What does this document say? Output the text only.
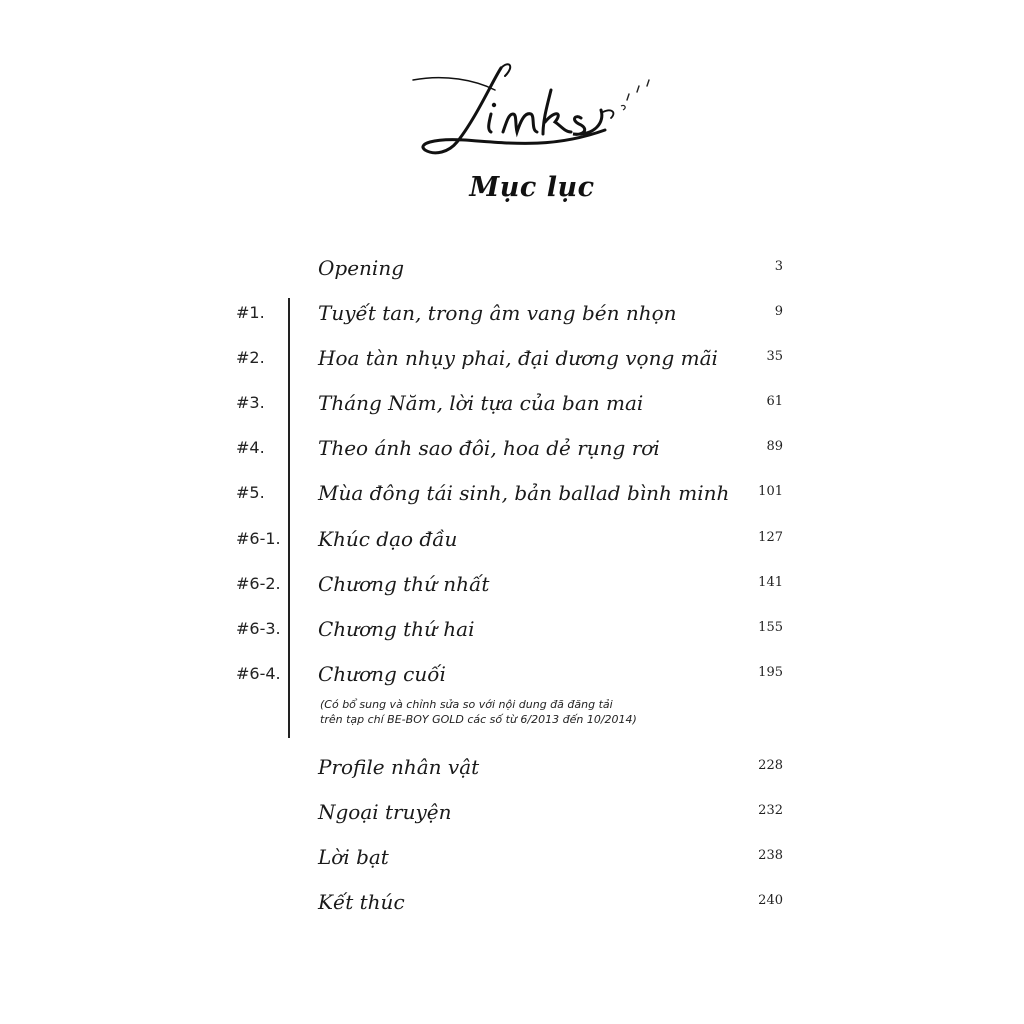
Mục lục
Opening	3
#1.	Tuyết tan, trong âm vang bén nhọn	9
#2.	Hoa tàn nhụy phai, đại dương vọng mãi	35
#3.	Tháng Năm, lời tựa của ban mai	61
#4.	Theo ánh sao đôi, hoa dẻ rụng rơi	89
#5.	Mùa đông tái sinh, bản ballad bình minh 101
#6-1. Khúc dạo đầu	127
#6-2. Chương thứ nhất	141
#6-3. Chương thứ hai	155
#6-4. Chương cuối	195
(Có bổ sung và chỉnh sửa so với nội dung đã đăng tải
trên tạp chí BE-BOY GOLD các số từ 6/2013 đến 10/2014)
Profile nhân vật	228
Ngoại truyện	232
Lời bạt	238
Kết thúc	240
